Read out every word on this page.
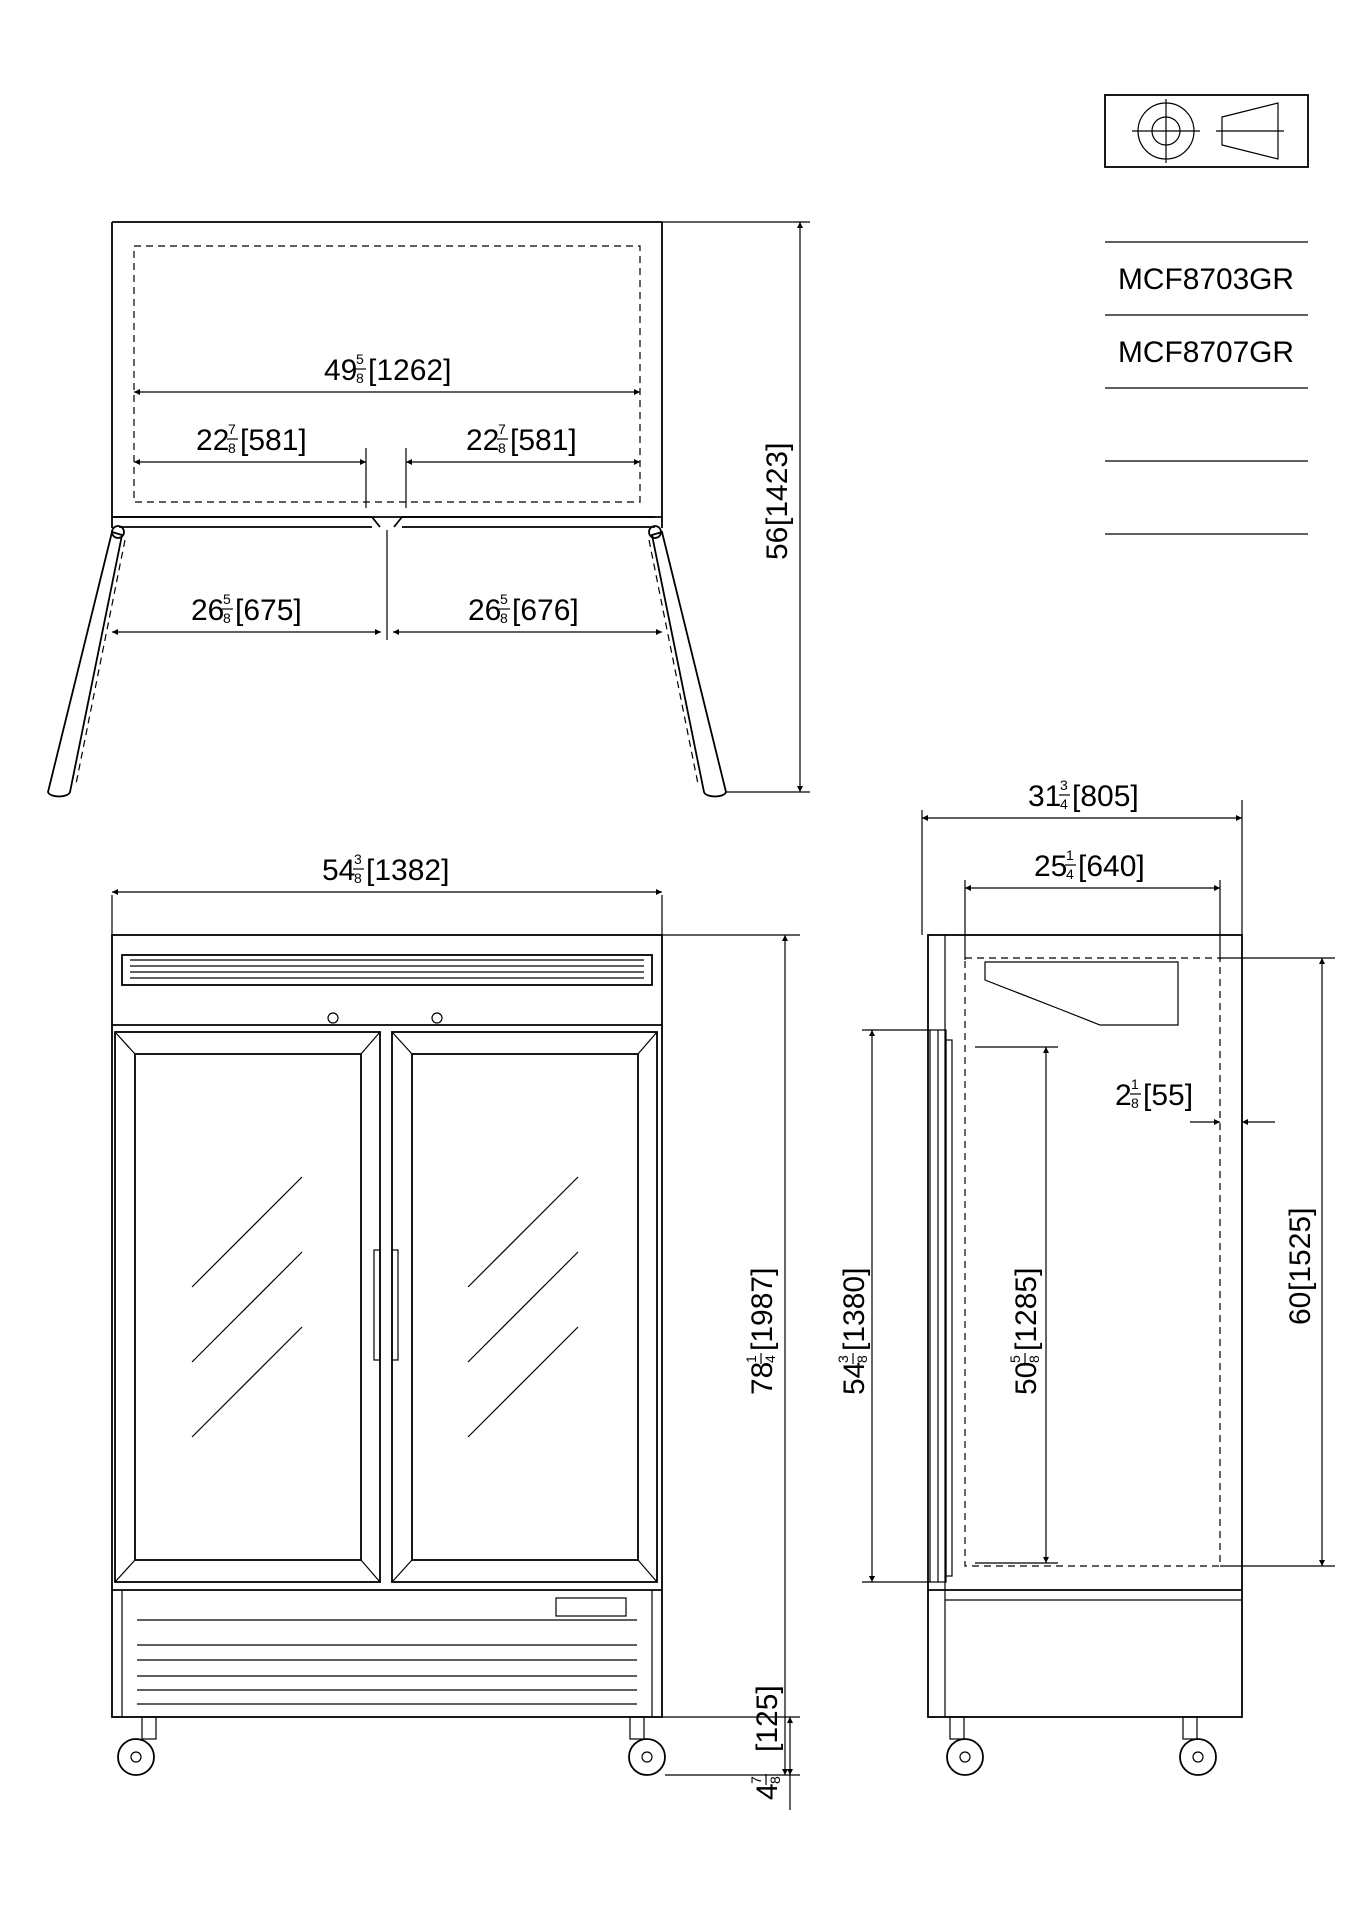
MCF8703GR
MCF8707GR
49
5
8 [1262]
22
7
8 [581]	22
7
8 [581]
26
5
8 [675]	26
5
8 [676]
54
3
8 [1382]
31
3
4 [805]
25
1
4 [640]
2 1
8 [55]
56
[1423]
78
1 4
[1987]
[125]
4
7 8
54
3 8
[1380]
50
5 8
[1285]	60
[1525]
